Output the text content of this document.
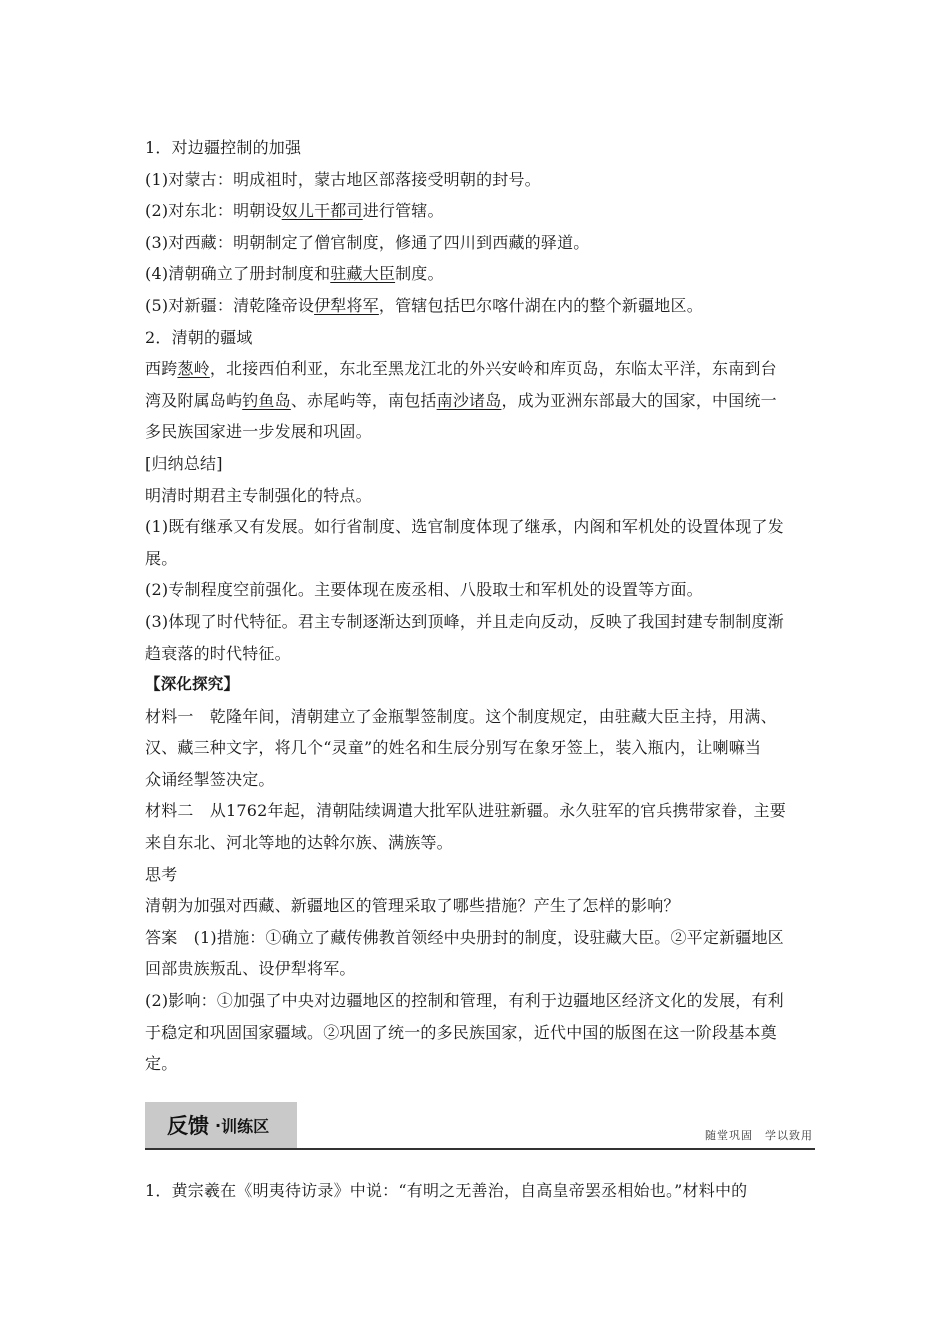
1．对边疆控制的加强
(1)对蒙古：明成祖时，蒙古地区部落接受明朝的封号。
(2)对东北：明朝设奴儿干都司进行管辖。
(3)对西藏：明朝制定了僧官制度，修通了四川到西藏的驿道。
(4)清朝确立了册封制度和驻藏大臣制度。
(5)对新疆：清乾隆帝设伊犁将军，管辖包括巴尔喀什湖在内的整个新疆地区。
2．清朝的疆域
西跨葱岭，北接西伯利亚，东北至黑龙江北的外兴安岭和库页岛，东临太平洋，东南到台
湾及附属岛屿钓鱼岛、赤尾屿等，南包括南沙诸岛，成为亚洲东部最大的国家，中国统一
多民族国家进一步发展和巩固。
[归纳总结]
明清时期君主专制强化的特点。
(1)既有继承又有发展。如行省制度、选官制度体现了继承，内阁和军机处的设置体现了发
展。
(2)专制程度空前强化。主要体现在废丞相、八股取士和军机处的设置等方面。
(3)体现了时代特征。君主专制逐渐达到顶峰，并且走向反动，反映了我国封建专制制度渐
趋衰落的时代特征。
【深化探究】
材料一　乾隆年间，清朝建立了金瓶掣签制度。这个制度规定，由驻藏大臣主持，用满、
汉、藏三种文字，将几个“灵童”的姓名和生辰分别写在象牙签上，装入瓶内，让喇嘛当
众诵经掣签决定。
材料二　从1762年起，清朝陆续调遣大批军队进驻新疆。永久驻军的官兵携带家眷，主要
来自东北、河北等地的达斡尔族、满族等。
思考
清朝为加强对西藏、新疆地区的管理采取了哪些措施？产生了怎样的影响？
答案　(1)措施：①确立了藏传佛教首领经中央册封的制度，设驻藏大臣。②平定新疆地区
回部贵族叛乱、设伊犁将军。
(2)影响：①加强了中央对边疆地区的控制和管理，有利于边疆地区经济文化的发展，有利
于稳定和巩固国家疆域。②巩固了统一的多民族国家，近代中国的版图在这一阶段基本奠
定。
反馈 · 训练区	随堂巩固　学以致用
1．黄宗羲在《明夷待访录》中说：“有明之无善治，自高皇帝罢丞相始也。”材料中的
